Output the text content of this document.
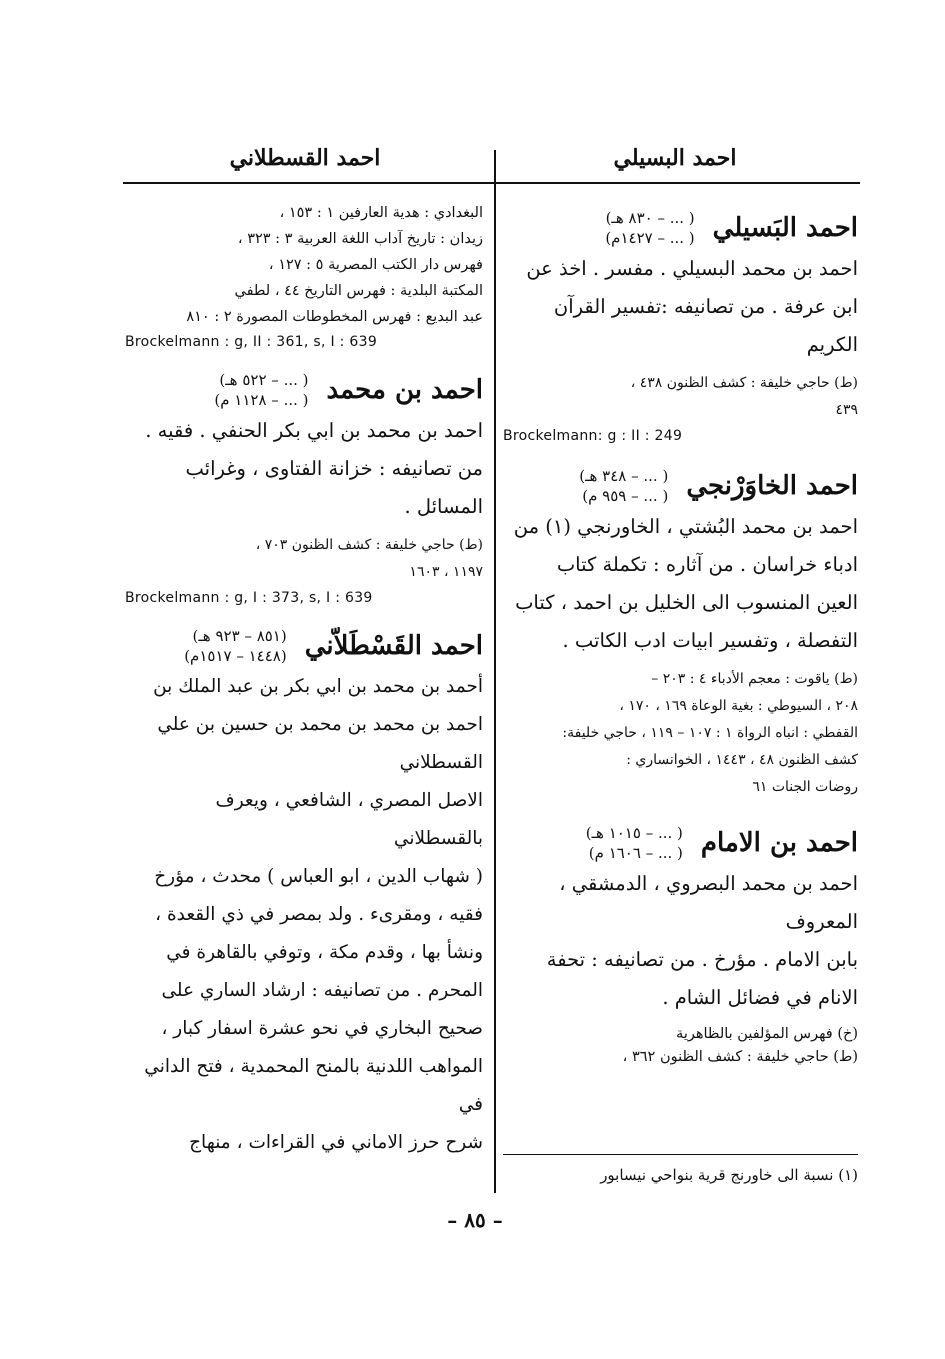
احمد البسيلي
احمد القسطلاني
احمد البَسيلي
( ... – ٨٣٠ هـ)
( ... – ١٤٢٧م)
احمد بن محمد البسيلي . مفسر . اخذ عن
ابن عرفة . من تصانيفه :تفسير القرآن الكريم
(ط) حاجي خليفة : كشف الظنون ٤٣٨ ،
٤٣٩
Brockelmann: g : II : 249
احمد الخاوَرْنجي
( ... – ٣٤٨ هـ)
( ... – ٩٥٩ م)
احمد بن محمد البُشتي ، الخاورنجي (١) من
ادباء خراسان . من آثاره : تكملة كتاب
العين المنسوب الى الخليل بن احمد ، كتاب
التفصلة ، وتفسير ابيات ادب الكاتب .
(ط) ياقوت : معجم الأدباء ٤ : ٢٠٣ –
٢٠٨ ، السيوطي : بغية الوعاة ١٦٩ ، ١٧٠ ،
القفطي : انباه الرواة ١ : ١٠٧ – ١١٩ ، حاجي خليفة:
كشف الظنون ٤٨ ، ١٤٤٣ ، الخوانساري :
روضات الجنات ٦١
احمد بن الامام
( ... – ١٠١٥ هـ)
( ... – ١٦٠٦ م)
احمد بن محمد البصروي ، الدمشقي ، المعروف
بابن الامام . مؤرخ . من تصانيفه : تحفة
الانام في فضائل الشام .
(خ) فهرس المؤلفين بالظاهرية
(ط) حاجي خليفة : كشف الظنون ٣٦٢ ،
(١) نسبة الى خاورنج قرية بنواحي نيسابور
البغدادي : هدية العارفين ١ : ١٥٣ ،
زيدان : تاريخ آداب اللغة العربية ٣ : ٣٢٣ ،
فهرس دار الكتب المصرية ٥ : ١٢٧ ،
المكتبة البلدية : فهرس التاريخ ٤٤ ، لطفي
عبد البديع : فهرس المخطوطات المصورة ٢ : ٨١٠
Brockelmann : g, II : 361, s, I : 639
احمد بن محمد
( ... – ٥٢٢ هـ)
( ... – ١١٢٨ م)
احمد بن محمد بن ابي بكر الحنفي . فقيه .
من تصانيفه : خزانة الفتاوى ، وغرائب
المسائل .
(ط) حاجي خليفة : كشف الظنون ٧٠٣ ،
١١٩٧ ، ١٦٠٣
Brockelmann : g, I : 373, s, I : 639
احمد القَسْطَلاّني
(٨٥١ – ٩٢٣ هـ)
(١٤٤٨ – ١٥١٧م)
أحمد بن محمد بن ابي بكر بن عبد الملك بن
احمد بن محمد بن محمد بن حسين بن علي القسطلاني
الاصل المصري ، الشافعي ، ويعرف بالقسطلاني
( شهاب الدين ، ابو العباس ) محدث ، مؤرخ
فقيه ، ومقرىء . ولد بمصر في ذي القعدة ،
ونشأ بها ، وقدم مكة ، وتوفي بالقاهرة في
المحرم . من تصانيفه : ارشاد الساري على
صحيح البخاري في نحو عشرة اسفار كبار ،
المواهب اللدنية بالمنح المحمدية ، فتح الداني في
شرح حرز الاماني في القراءات ، منهاج
– ٨٥ –
